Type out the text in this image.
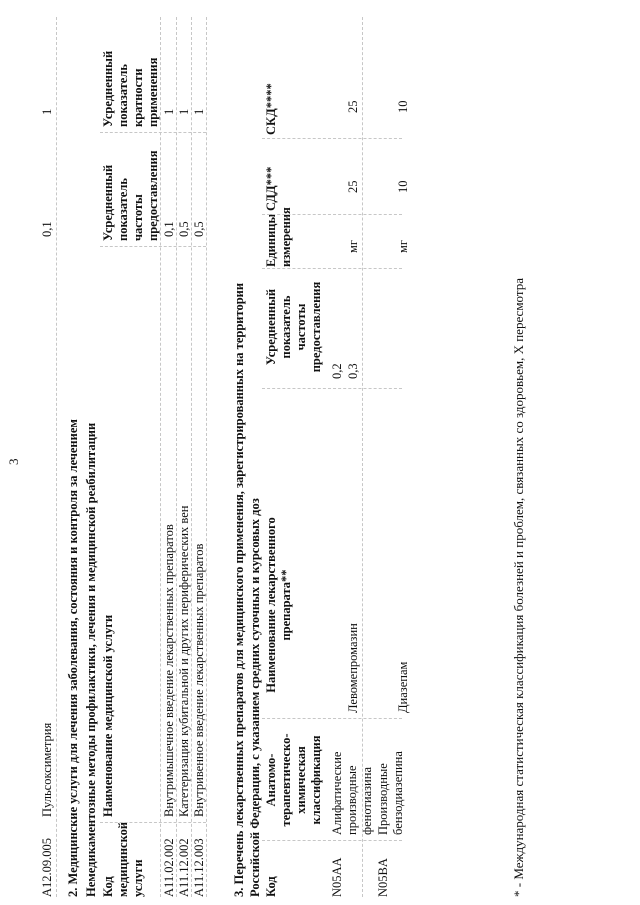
3
A12.09.005
Пульсоксиметрия
0,1
1
2. Медицинские услуги для лечения заболевания, состояния и контроля за лечением Немедикаментозные методы профилактики, лечения и медицинской реабилитации Код медицинской услуги
Наименование медицинской услуги
Усредненный показатель частоты предоставления
Усредненный показатель кратности применения
A11.02.002
Внутримышечное введение лекарственных препаратов
0,1
1
A11.12.002
Катетеризация кубитальной и других периферических вен
0,5
1
A11.12.003
Внутривенное введение лекарственных препаратов
0,5
1
3. Перечень лекарственных препаратов для медицинского применения, зарегистрированных на территории Российской Федерации, с указанием средних суточных и курсовых доз Код
Анатомо-терапевтическо-химическая классификация
Наименование лекарственного препарата**
Усредненный показатель частоты предоставления
Единицы измерения
СДД***
СКД****
N05AA
Алифатические производные фенотиазина
0,2
Левомепромазин
0,3
мг
25
25
N05BA
Производные бензодиазепина
Диазепам
мг
10
10
* - Международная статистическая классификация болезней и проблем, связанных со здоровьем, X пересмотра
